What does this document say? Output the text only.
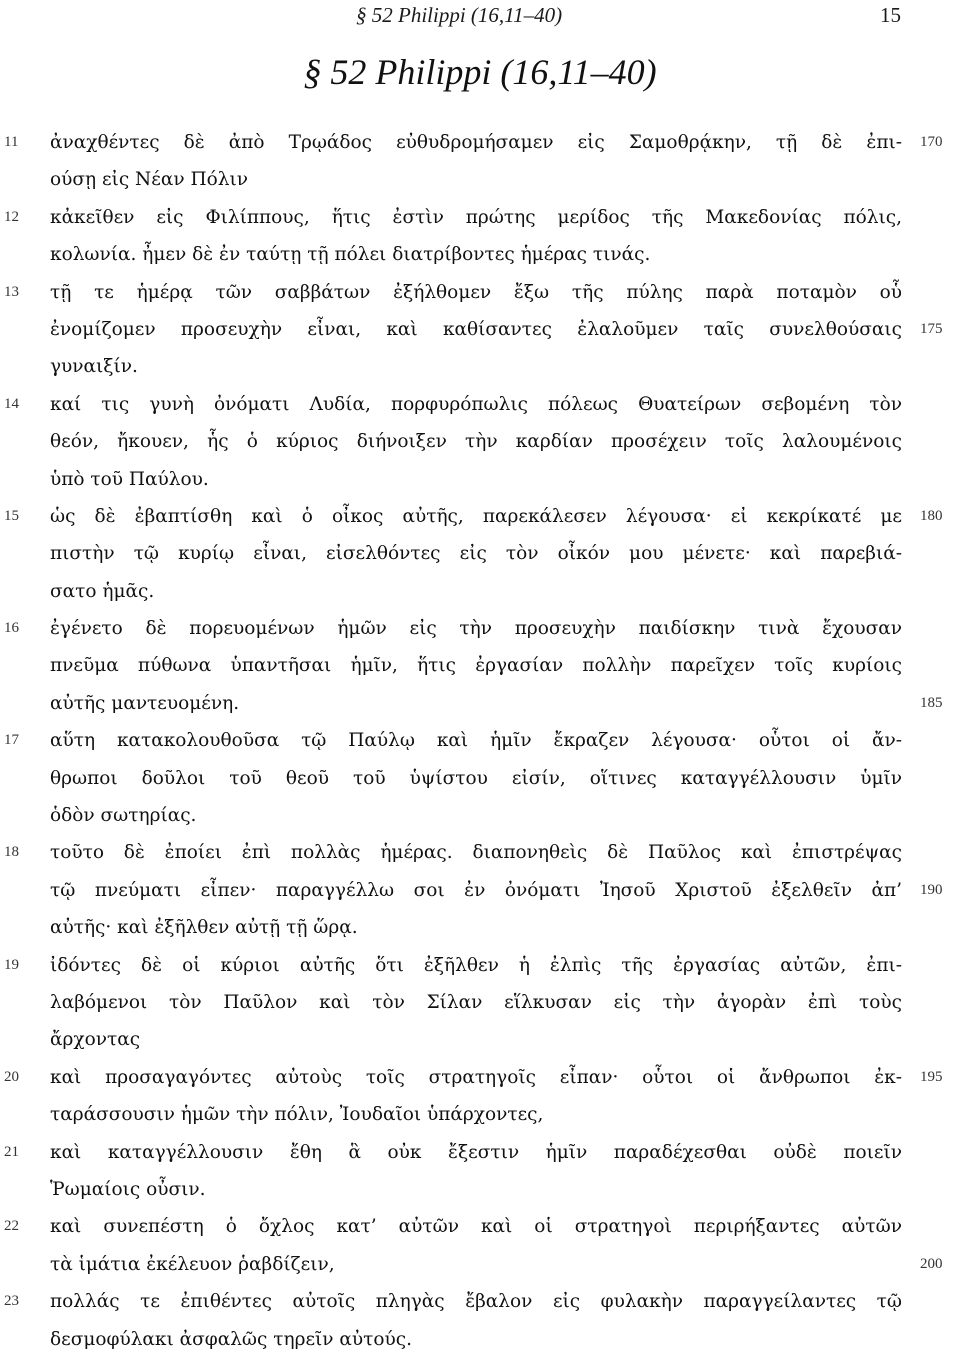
§ 52 Philippi (16,11–40)	15
§ 52 Philippi (16,11–40)
11	ἀναχθέντες δὲ ἀπὸ Τρῳάδος εὐθυδρομήσαμεν εἰς Σαμοθρᾴκην, τῇ δὲ ἐπι- 170
ούσῃ εἰς Νέαν Πόλιν
12	κἀκεῖθεν εἰς Φιλίππους, ἥτις ἐστὶν πρώτης μερίδος τῆς Μακεδονίας πόλις,
κολωνία. ἦμεν δὲ ἐν ταύτῃ τῇ πόλει διατρίβοντες ἡμέρας τινάς.
13	τῇ τε ἡμέρᾳ τῶν σαββάτων ἐξήλθομεν ἔξω τῆς πύλης παρὰ ποταμὸν οὗ
ἐνομίζομεν προσευχὴν εἶναι, καὶ καθίσαντες ἐλαλοῦμεν ταῖς συνελθούσαις 175
γυναιξίν.
14	καί τις γυνὴ ὀνόματι Λυδία, πορφυρόπωλις πόλεως Θυατείρων σεβομένη τὸν
θεόν, ἤκουεν, ἧς ὁ κύριος διήνοιξεν τὴν καρδίαν προσέχειν τοῖς λαλουμένοις
ὑπὸ τοῦ Παύλου.
15	ὡς δὲ ἐβαπτίσθη καὶ ὁ οἶκος αὐτῆς, παρεκάλεσεν λέγουσα· εἰ κεκρίκατέ με 180
πιστὴν τῷ κυρίῳ εἶναι, εἰσελθόντες εἰς τὸν οἶκόν μου μένετε· καὶ παρεβιά-
σατο ἡμᾶς.
16	ἐγένετο δὲ πορευομένων ἡμῶν εἰς τὴν προσευχὴν παιδίσκην τινὰ ἔχουσαν
πνεῦμα πύθωνα ὑπαντῆσαι ἡμῖν, ἥτις ἐργασίαν πολλὴν παρεῖχεν τοῖς κυρίοις
αὐτῆς μαντευομένη.	185
17	αὕτη κατακολουθοῦσα τῷ Παύλῳ καὶ ἡμῖν ἔκραζεν λέγουσα· οὗτοι οἱ ἄν-
θρωποι δοῦλοι τοῦ θεοῦ τοῦ ὑψίστου εἰσίν, οἵτινες καταγγέλλουσιν ὑμῖν
ὁδὸν σωτηρίας.
18	τοῦτο δὲ ἐποίει ἐπὶ πολλὰς ἡμέρας. διαπονηθεὶς δὲ Παῦλος καὶ ἐπιστρέψας
τῷ πνεύματι εἶπεν· παραγγέλλω σοι ἐν ὀνόματι Ἰησοῦ Χριστοῦ ἐξελθεῖν ἀπ’ 190
αὐτῆς· καὶ ἐξῆλθεν αὐτῇ τῇ ὥρᾳ.
19	ἰδόντες δὲ οἱ κύριοι αὐτῆς ὅτι ἐξῆλθεν ἡ ἐλπὶς τῆς ἐργασίας αὐτῶν, ἐπι-
λαβόμενοι τὸν Παῦλον καὶ τὸν Σίλαν εἵλκυσαν εἰς τὴν ἀγορὰν ἐπὶ τοὺς
ἄρχοντας
20	καὶ προσαγαγόντες αὐτοὺς τοῖς στρατηγοῖς εἶπαν· οὗτοι οἱ ἄνθρωποι ἐκ- 195
ταράσσουσιν ἡμῶν τὴν πόλιν, Ἰουδαῖοι ὑπάρχοντες,
21	καὶ καταγγέλλουσιν ἔθη ἃ οὐκ ἔξεστιν ἡμῖν παραδέχεσθαι οὐδὲ ποιεῖν
Ῥωμαίοις οὖσιν.
22	καὶ συνεπέστη ὁ ὄχλος κατ’ αὐτῶν καὶ οἱ στρατηγοὶ περιρήξαντες αὐτῶν
τὰ ἱμάτια ἐκέλευον ῥαβδίζειν,	200
23	πολλάς τε ἐπιθέντες αὐτοῖς πληγὰς ἔβαλον εἰς φυλακὴν παραγγείλαντες τῷ
δεσμοφύλακι ἀσφαλῶς τηρεῖν αὐτούς.
